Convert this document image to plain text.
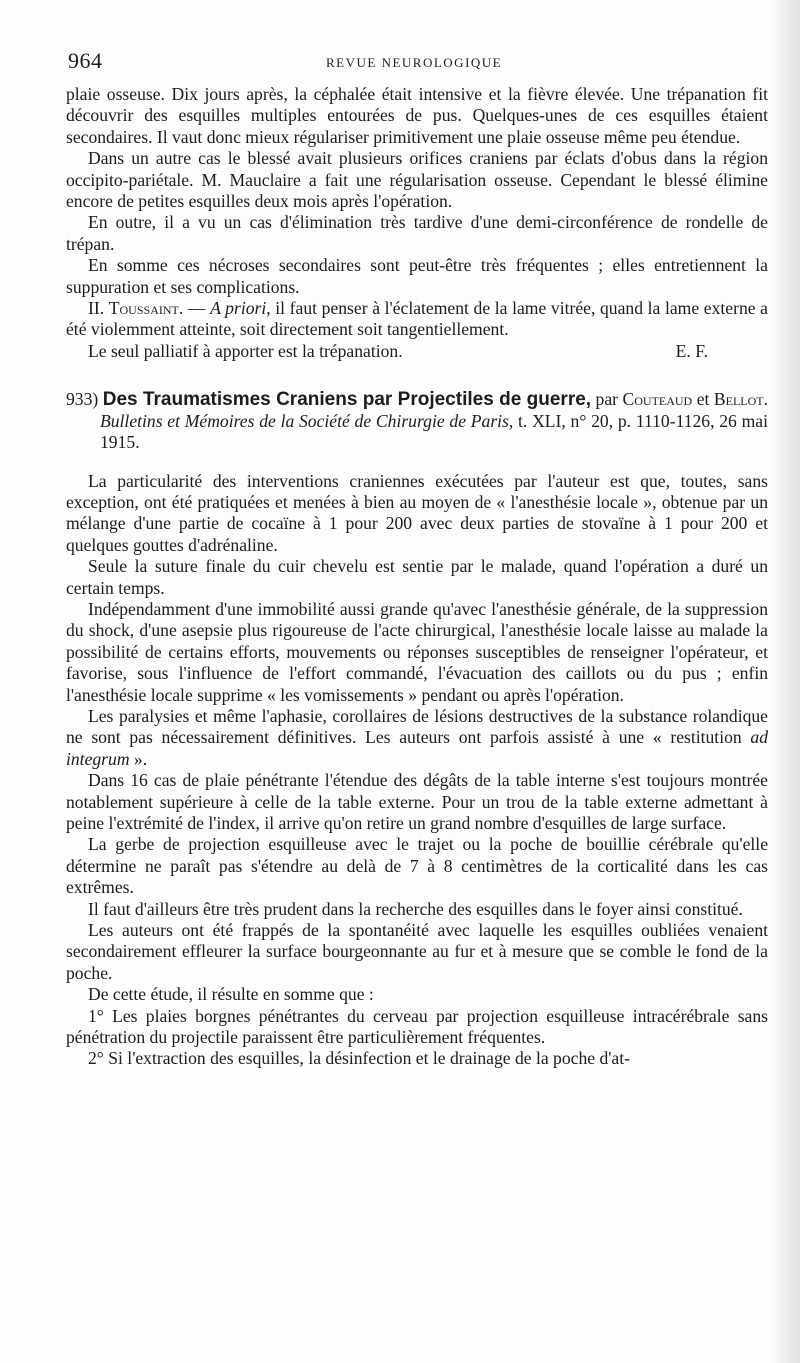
964	REVUE NEUROLOGIQUE

plaie osseuse. Dix jours après, la céphalée était intensive et la fièvre élevée. Une trépanation fit découvrir des esquilles multiples entourées de pus. Quelques-unes de ces esquilles étaient secondaires. Il vaut donc mieux régulariser primitivement une plaie osseuse même peu étendue.

Dans un autre cas le blessé avait plusieurs orifices craniens par éclats d'obus dans la région occipito-pariétale. M. Mauclaire a fait une régularisation osseuse. Cependant le blessé élimine encore de petites esquilles deux mois après l'opération.

En outre, il a vu un cas d'élimination très tardive d'une demi-circonférence de rondelle de trépan.

En somme ces nécroses secondaires sont peut-être très fréquentes ; elles entretiennent la suppuration et ses complications.

II. Toussaint. — A priori, il faut penser à l'éclatement de la lame vitrée, quand la lame externe a été violemment atteinte, soit directement soit tangentiellement.

Le seul palliatif à apporter est la trépanation.	E. F.

933) Des Traumatismes Craniens par Projectiles de guerre, par Couteaud et Bellot. Bulletins et Mémoires de la Société de Chirurgie de Paris, t. XLI, n° 20, p. 1110-1126, 26 mai 1915.

La particularité des interventions craniennes exécutées par l'auteur est que, toutes, sans exception, ont été pratiquées et menées à bien au moyen de « l'anesthésie locale », obtenue par un mélange d'une partie de cocaïne à 1 pour 200 avec deux parties de stovaïne à 1 pour 200 et quelques gouttes d'adrénaline.

Seule la suture finale du cuir chevelu est sentie par le malade, quand l'opération a duré un certain temps.

Indépendamment d'une immobilité aussi grande qu'avec l'anesthésie générale, de la suppression du shock, d'une asepsie plus rigoureuse de l'acte chirurgical, l'anesthésie locale laisse au malade la possibilité de certains efforts, mouvements ou réponses susceptibles de renseigner l'opérateur, et favorise, sous l'influence de l'effort commandé, l'évacuation des caillots ou du pus ; enfin l'anesthésie locale supprime « les vomissements » pendant ou après l'opération.

Les paralysies et même l'aphasie, corollaires de lésions destructives de la substance rolandique ne sont pas nécessairement définitives. Les auteurs ont parfois assisté à une « restitution ad integrum ».

Dans 16 cas de plaie pénétrante l'étendue des dégâts de la table interne s'est toujours montrée notablement supérieure à celle de la table externe. Pour un trou de la table externe admettant à peine l'extrémité de l'index, il arrive qu'on retire un grand nombre d'esquilles de large surface.

La gerbe de projection esquilleuse avec le trajet ou la poche de bouillie cérébrale qu'elle détermine ne paraît pas s'étendre au delà de 7 à 8 centimètres de la corticalité dans les cas extrêmes.

Il faut d'ailleurs être très prudent dans la recherche des esquilles dans le foyer ainsi constitué.

Les auteurs ont été frappés de la spontanéité avec laquelle les esquilles oubliées venaient secondairement effleurer la surface bourgeonnante au fur et à mesure que se comble le fond de la poche.

De cette étude, il résulte en somme que :

1° Les plaies borgnes pénétrantes du cerveau par projection esquilleuse intracérébrale sans pénétration du projectile paraissent être particulièrement fréquentes.

2° Si l'extraction des esquilles, la désinfection et le drainage de la poche d'at-
